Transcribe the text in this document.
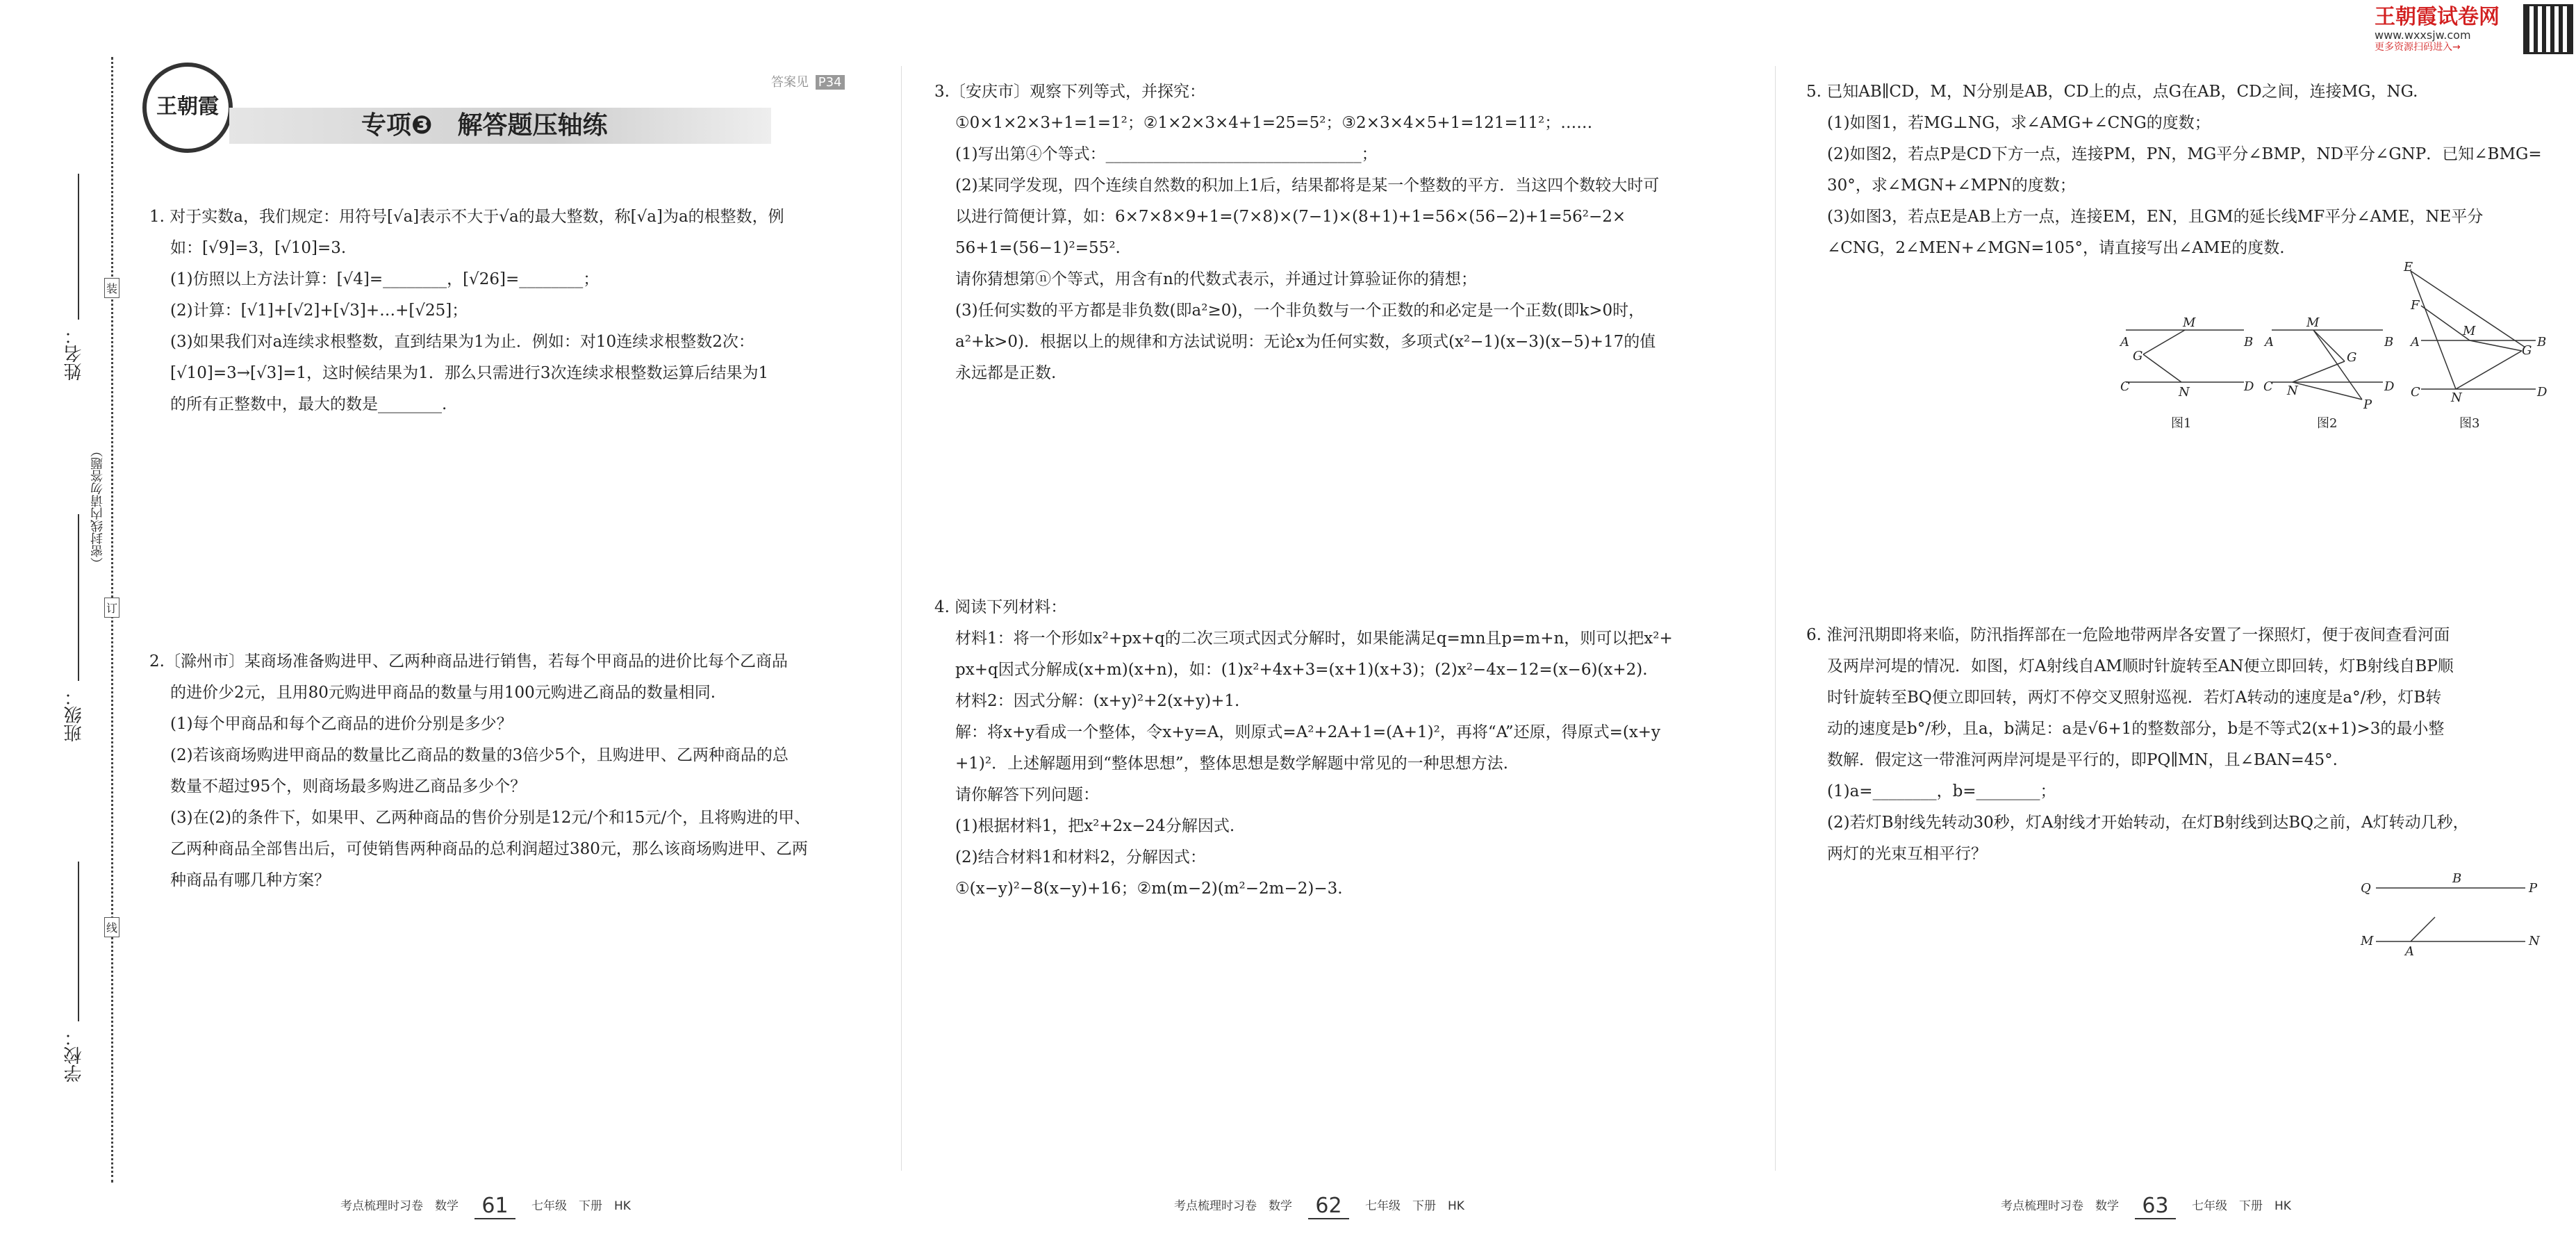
王朝霞试卷网
www.wxxsjw.com
更多资源扫码进入→
姓名：
班级：
学校：
（密封线内请勿答题）
装
订
线
王朝霞
专项❸　解答题压轴练
答案见 P34
1. 对于实数a，我们规定：用符号[√a]表示不大于√a的最大整数，称[√a]为a的根整数，例
如：[√9]=3，[√10]=3.
(1)仿照以上方法计算：[√4]=________，[√26]=________；
(2)计算：[√1]+[√2]+[√3]+…+[√25]；
(3)如果我们对a连续求根整数，直到结果为1为止．例如：对10连续求根整数2次：
[√10]=3→[√3]=1，这时候结果为1．那么只需进行3次连续求根整数运算后结果为1
的所有正整数中，最大的数是________.
2.〔滁州市〕某商场准备购进甲、乙两种商品进行销售，若每个甲商品的进价比每个乙商品
的进价少2元，且用80元购进甲商品的数量与用100元购进乙商品的数量相同.
(1)每个甲商品和每个乙商品的进价分别是多少？
(2)若该商场购进甲商品的数量比乙商品的数量的3倍少5个，且购进甲、乙两种商品的总
数量不超过95个，则商场最多购进乙商品多少个？
(3)在(2)的条件下，如果甲、乙两种商品的售价分别是12元/个和15元/个，且将购进的甲、
乙两种商品全部售出后，可使销售两种商品的总利润超过380元，那么该商场购进甲、乙两
种商品有哪几种方案？
3.〔安庆市〕观察下列等式，并探究：
①0×1×2×3+1=1=1²；②1×2×3×4+1=25=5²；③2×3×4×5+1=121=11²；……
(1)写出第④个等式：________________________________；
(2)某同学发现，四个连续自然数的积加上1后，结果都将是某一个整数的平方．当这四个数较大时可
以进行简便计算，如：6×7×8×9+1=(7×8)×(7−1)×(8+1)+1=56×(56−2)+1=56²−2×
56+1=(56−1)²=55².
请你猜想第ⓝ个等式，用含有n的代数式表示，并通过计算验证你的猜想；
(3)任何实数的平方都是非负数(即a²≥0)，一个非负数与一个正数的和必定是一个正数(即k>0时，
a²+k>0)．根据以上的规律和方法试说明：无论x为任何实数，多项式(x²−1)(x−3)(x−5)+17的值
永远都是正数.
4. 阅读下列材料：
材料1：将一个形如x²+px+q的二次三项式因式分解时，如果能满足q=mn且p=m+n，则可以把x²+
px+q因式分解成(x+m)(x+n)，如：(1)x²+4x+3=(x+1)(x+3)；(2)x²−4x−12=(x−6)(x+2).
材料2：因式分解：(x+y)²+2(x+y)+1.
解：将x+y看成一个整体，令x+y=A，则原式=A²+2A+1=(A+1)²，再将“A”还原，得原式=(x+y
+1)²．上述解题用到“整体思想”，整体思想是数学解题中常见的一种思想方法.
请你解答下列问题：
(1)根据材料1，把x²+2x−24分解因式.
(2)结合材料1和材料2，分解因式：
①(x−y)²−8(x−y)+16；②m(m−2)(m²−2m−2)−3.
5. 已知AB∥CD，M，N分别是AB，CD上的点，点G在AB，CD之间，连接MG，NG.
(1)如图1，若MG⊥NG，求∠AMG+∠CNG的度数；
(2)如图2，若点P是CD下方一点，连接PM，PN，MG平分∠BMP，ND平分∠GNP．已知∠BMG=
30°，求∠MGN+∠MPN的度数；
(3)如图3，若点E是AB上方一点，连接EM，EN，且GM的延长线MF平分∠AME，NE平分
∠CNG，2∠MEN+∠MGN=105°，请直接写出∠AME的度数.
A	B
C	D
M
G
N
图1
A	B
C	D
M
G
N
P
图2
E
F
A	B
C	D
M
G
N
图3
6. 淮河汛期即将来临，防汛指挥部在一危险地带两岸各安置了一探照灯，便于夜间查看河面
及两岸河堤的情况．如图，灯A射线自AM顺时针旋转至AN便立即回转，灯B射线自BP顺
时针旋转至BQ便立即回转，两灯不停交叉照射巡视．若灯A转动的速度是a°/秒，灯B转
动的速度是b°/秒，且a，b满足：a是√6+1的整数部分，b是不等式2(x+1)>3的最小整
数解．假定这一带淮河两岸河堤是平行的，即PQ∥MN，且∠BAN=45°.
(1)a=________，b=________；
(2)若灯B射线先转动30秒，灯A射线才开始转动，在灯B射线到达BQ之前，A灯转动几秒，
两灯的光束互相平行？
Q	P
B
M	N
A
考点梳理时习卷　数学 61 七年级　下册　HK	考点梳理时习卷　数学 62 七年级　下册　HK	考点梳理时习卷　数学 63 七年级　下册　HK
